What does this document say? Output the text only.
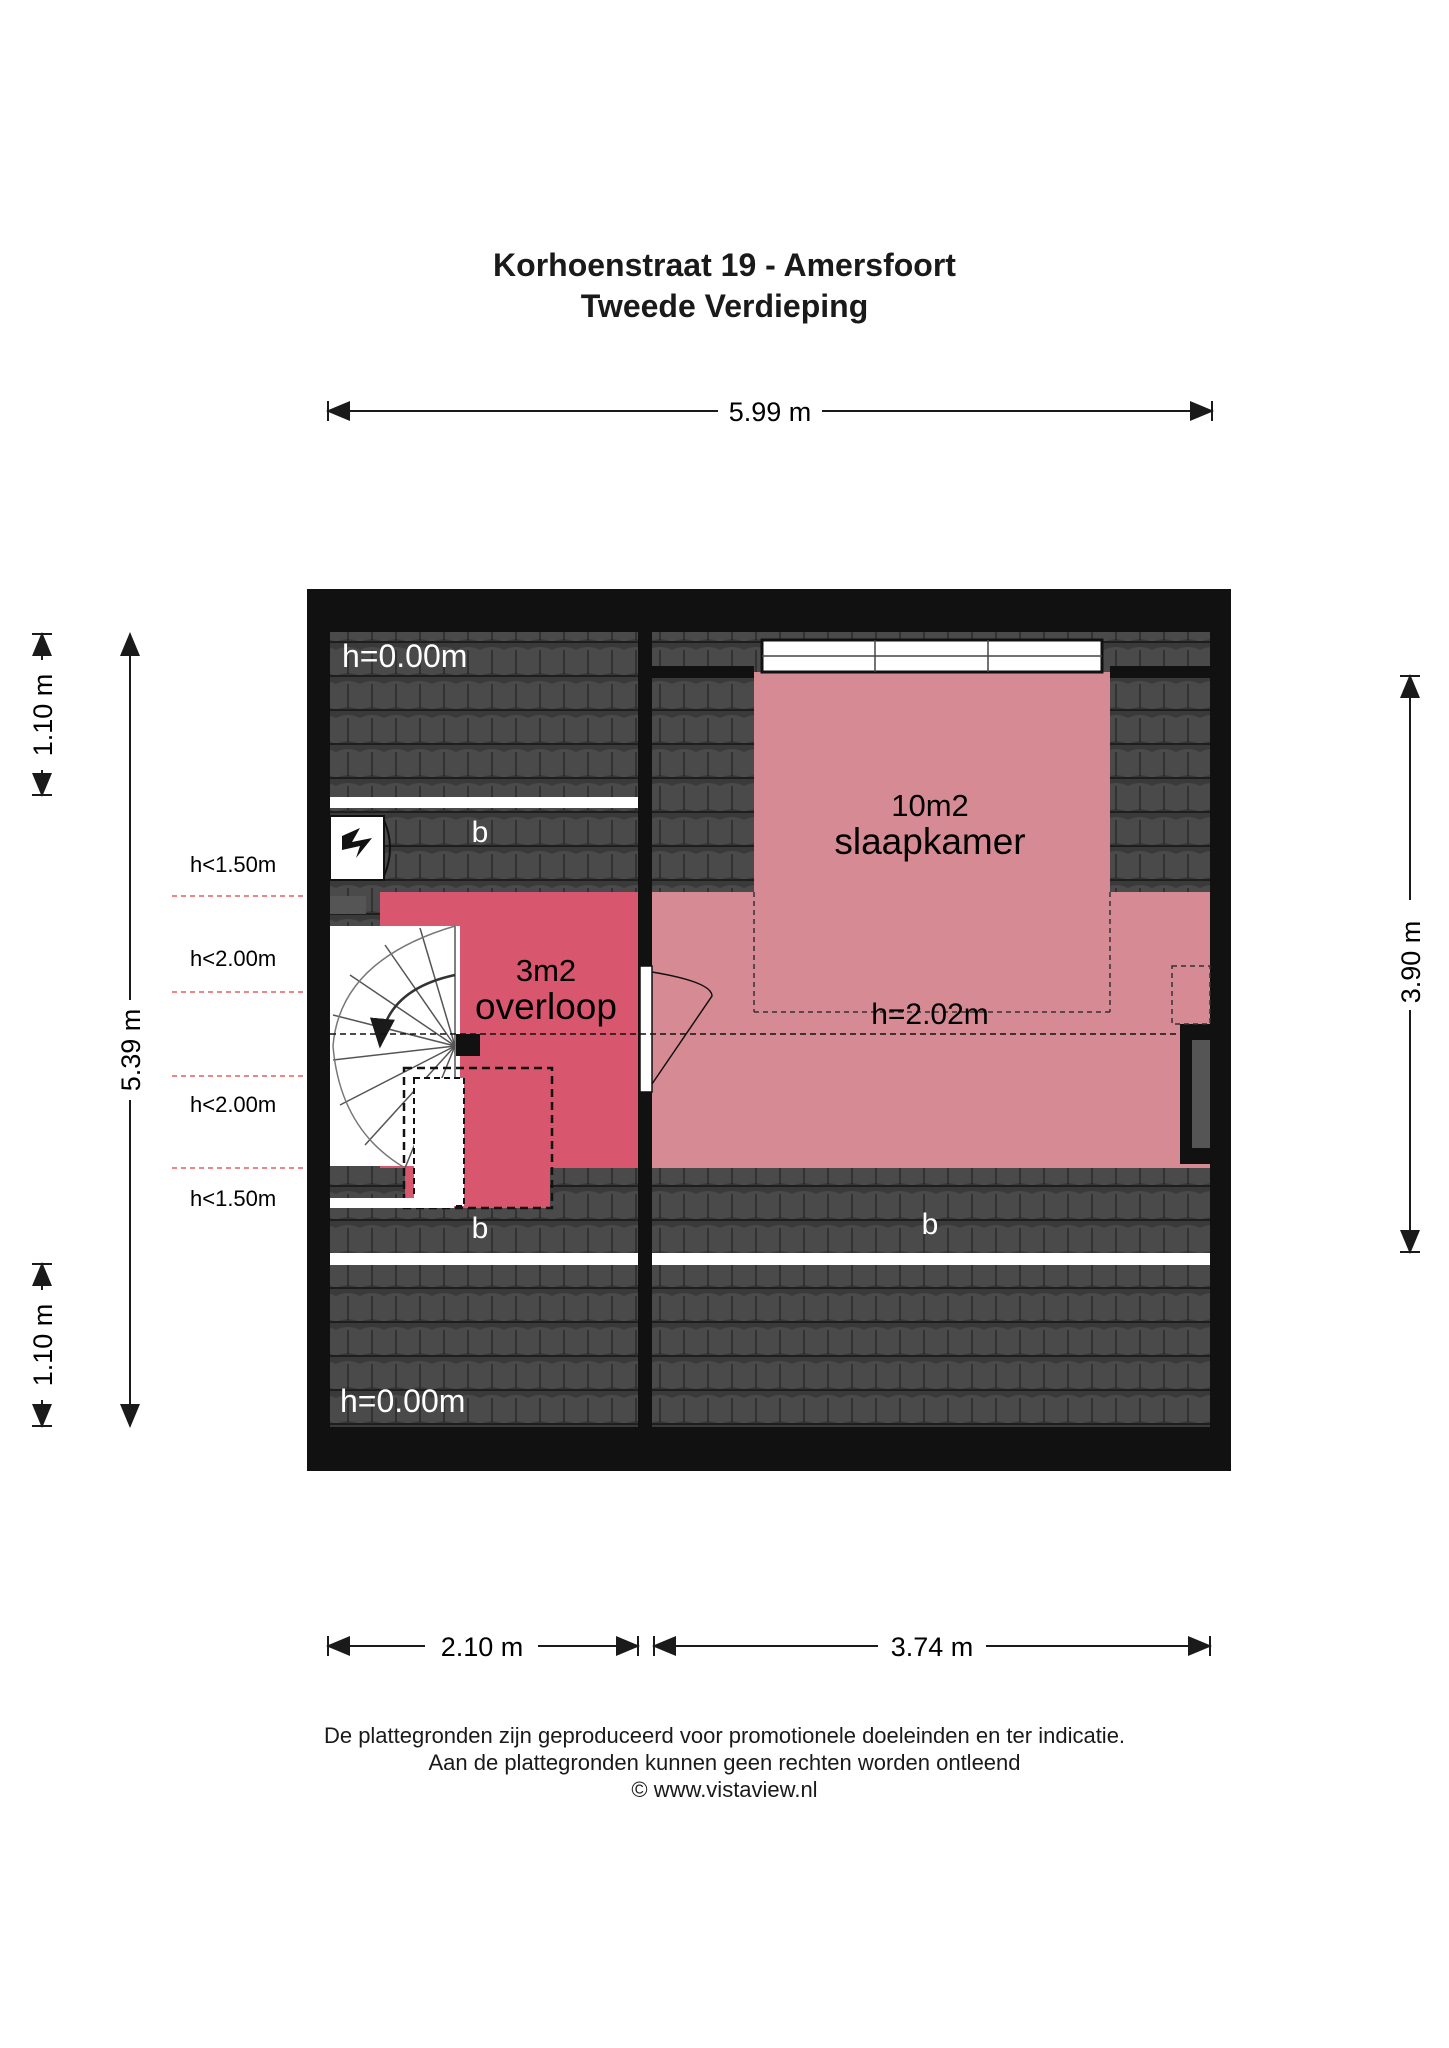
Korhoenstraat 19 - Amersfoort
Tweede Verdieping
5.99 m
h<1.50m
h<2.00m
h<2.00m
h<1.50m
10m2
slaapkamer
3m2
overloop	h=2.02m
h=0.00m
h=0.00m
b
b	b
5.39 m
1.10 m
1.10 m
3.90 m
2.10 m	3.74 m
De plattegronden zijn geproduceerd voor promotionele doeleinden en ter indicatie.
Aan de plattegronden kunnen geen rechten worden ontleend
© www.vistaview.nl
